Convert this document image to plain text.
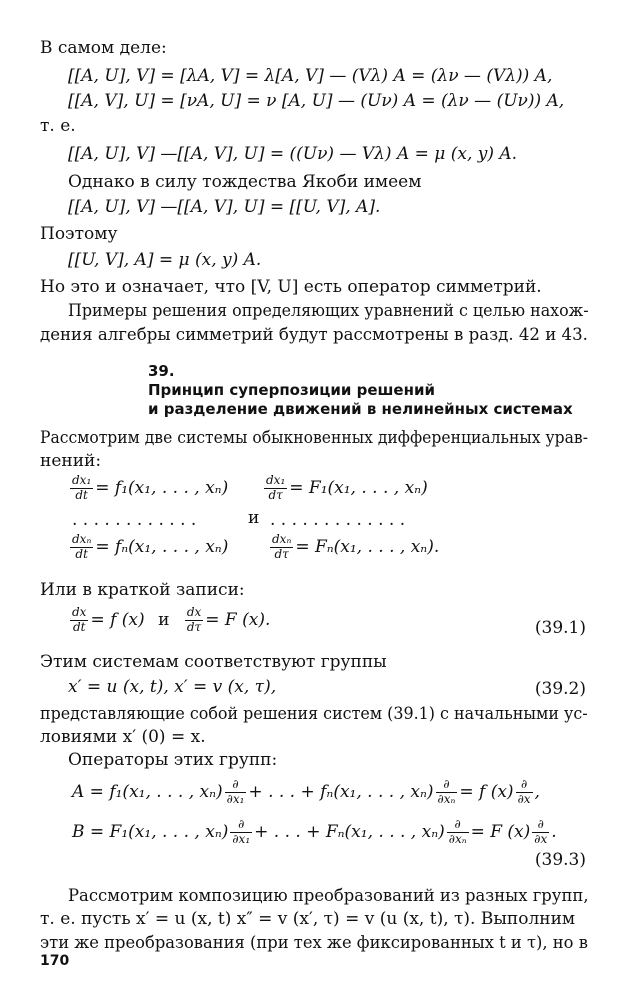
В самом деле:
[[A, U], V] = [λA, V] = λ[A, V] — (Vλ) A = (λν — (Vλ)) A,
[[A, V], U] = [νA, U] = ν [A, U] — (Uν) A = (λν — (Uν)) A,
т. е.
[[A, U], V] —[[A, V], U] = ((Uν) — Vλ) A = μ (x, y) A.
Однако в силу тождества Якоби имеем
[[A, U], V] —[[A, V], U] = [[U, V], A].
Поэтому
[[U, V], A] = μ (x, y) A.
Но это и означает, что [V, U] есть оператор симметрий.
Примеры решения определяющих уравнений с целью нахож-
дения алгебры симметрий будут рассмотрены в разд. 42 и 43.
39.
Принцип суперпозиции решений
и разделение движений в нелинейных системах
Рассмотрим две системы обыкновенных дифференциальных урав-
нений:
$\frac{\text{dx₁}}{dt} = f_1(x_1$, . . . , xₙ)	$\frac{\text{dx₁}}{d\tau} = F_1(x_1$, . . . , xₙ)
. . . . . . . . . . . .	и . . . . . . . . . . . . .
$\frac{\text{dxₙ}}{dt} = f_n(x_1$, . . . , xₙ)	$\frac{\text{dxₙ}}{d\tau} = F_n(x_1$, . . . , xₙ).
Или в краткой записи:
$\frac{dx}{dt} = f$ (x) и $\frac{dx}{d\tau} = F$ (x).	(39.1)
Этим системам соответствуют группы
x′ = u (x, t), x′ = v (x, τ),	(39.2)
представляющие собой решения систем (39.1) с начальными ус-
ловиями x′ (0) = x.
Операторы этих групп:
A = f₁(x₁, . . . , $x_n) \frac{\partial}{\text{∂x₁}}$ + . . . + fₙ(x₁, . . . , $x_n) \frac{\partial}{\text{∂xₙ}} = f$ $(x) \frac{\partial}{\partial x}$ ,
B = F₁(x₁, . . . , $x_n) \frac{\partial}{\text{∂x₁}}$ + . . . + Fₙ(x₁, . . . , $x_n) \frac{\partial}{\text{∂xₙ}} = F$ $(x) \frac{\partial}{\partial x}$ .
(39.3)
Рассмотрим композицию преобразований из разных групп,
т. е. пусть x′ = u (x, t) x″ = v (x′, τ) = v (u (x, t), τ). Выполним
эти же преобразования (при тех же фиксированных t и τ), но в
170
